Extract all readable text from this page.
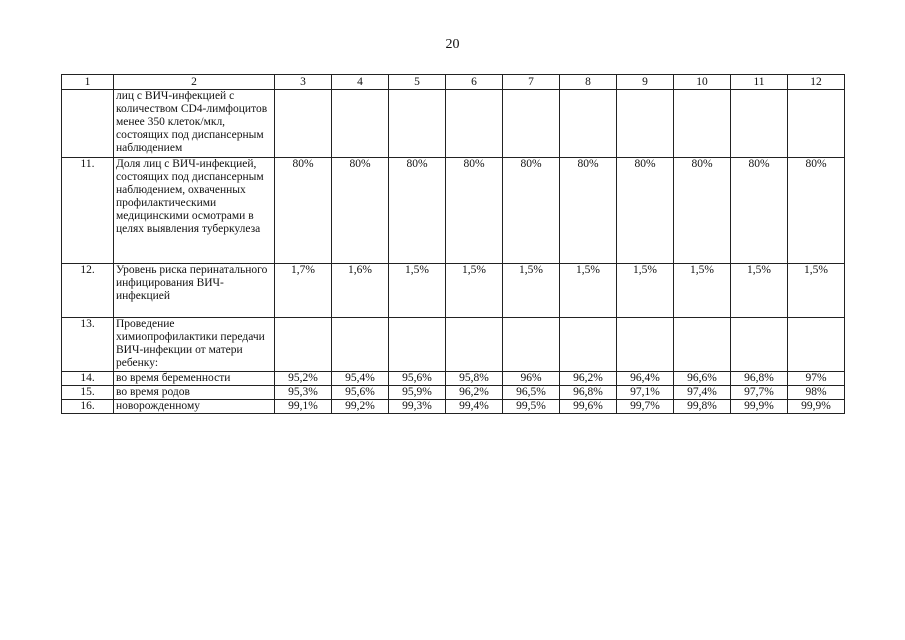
20
1	2	3	4	5	6	7	8	9	10	11	12
	лиц с ВИЧ-инфекцией с количеством CD4-лимфоцитов менее 350 клеток/мкл, состоящих под диспансерным наблюдением										
11.	Доля лиц с ВИЧ-инфекцией, состоящих под диспансерным наблюдением, охваченных профилактическими медицинскими осмотрами в целях выявления туберкулеза	80%	80%	80%	80%	80%	80%	80%	80%	80%	80%
12.	Уровень риска перинатального инфицирования ВИЧ-инфекцией	1,7%	1,6%	1,5%	1,5%	1,5%	1,5%	1,5%	1,5%	1,5%	1,5%
13.	Проведение химиопрофилактики передачи ВИЧ-инфекции от матери ребенку:										
14.	во время беременности	95,2%	95,4%	95,6%	95,8%	96%	96,2%	96,4%	96,6%	96,8%	97%
15.	во время родов	95,3%	95,6%	95,9%	96,2%	96,5%	96,8%	97,1%	97,4%	97,7%	98%
16.	новорожденному	99,1%	99,2%	99,3%	99,4%	99,5%	99,6%	99,7%	99,8%	99,9%	99,9%
